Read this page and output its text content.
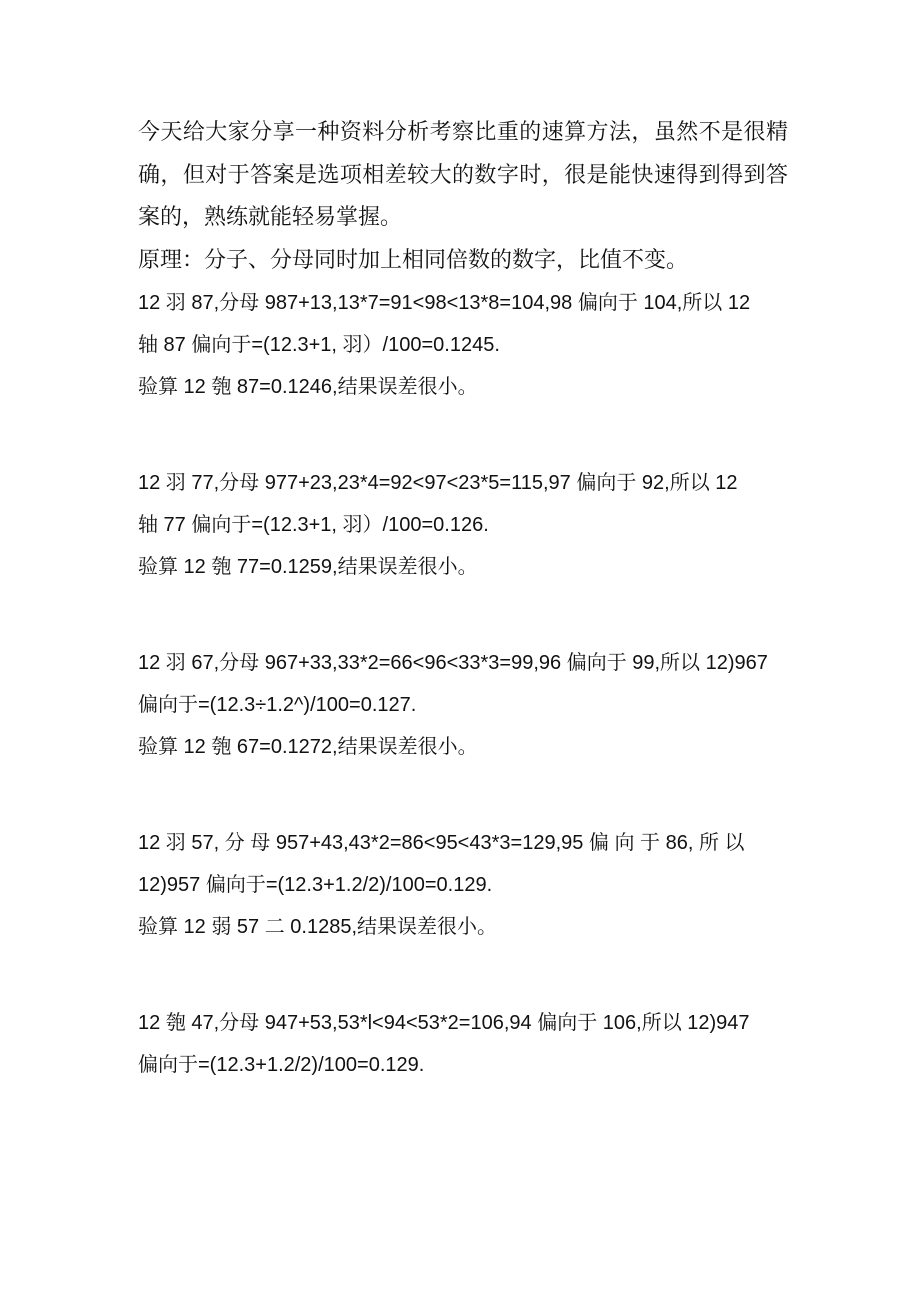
今天给大家分享一种资料分析考察比重的速算方法，虽然不是很精确，但对于答案是选项相差较大的数字时，很是能快速得到得到答案的，熟练就能轻易掌握。

原理：分子、分母同时加上相同倍数的数字，比值不变。

12 羽 87,分母 987+13,13*7=91<98<13*8=104,98 偏向于 104,所以 12

轴 87 偏向于=(12.3+1, 羽）/100=0.1245.

验算 12 匏 87=0.1246,结果误差很小。

12 羽 77,分母 977+23,23*4=92<97<23*5=115,97 偏向于 92,所以 12

轴 77 偏向于=(12.3+1, 羽）/100=0.126.

验算 12 匏 77=0.1259,结果误差很小。

12 羽 67,分母 967+33,33*2=66<96<33*3=99,96 偏向于 99,所以 12)967

偏向于=(12.3÷1.2^)/100=0.127.

验算 12 匏 67=0.1272,结果误差很小。

12 羽 57, 分 母 957+43,43*2=86<95<43*3=129,95 偏 向 于 86, 所 以

12)957 偏向于=(12.3+1.2/2)/100=0.129.

验算 12 弱 57 二 0.1285,结果误差很小。

12 匏 47,分母 947+53,53*l<94<53*2=106,94 偏向于 106,所以 12)947

偏向于=(12.3+1.2/2)/100=0.129.
